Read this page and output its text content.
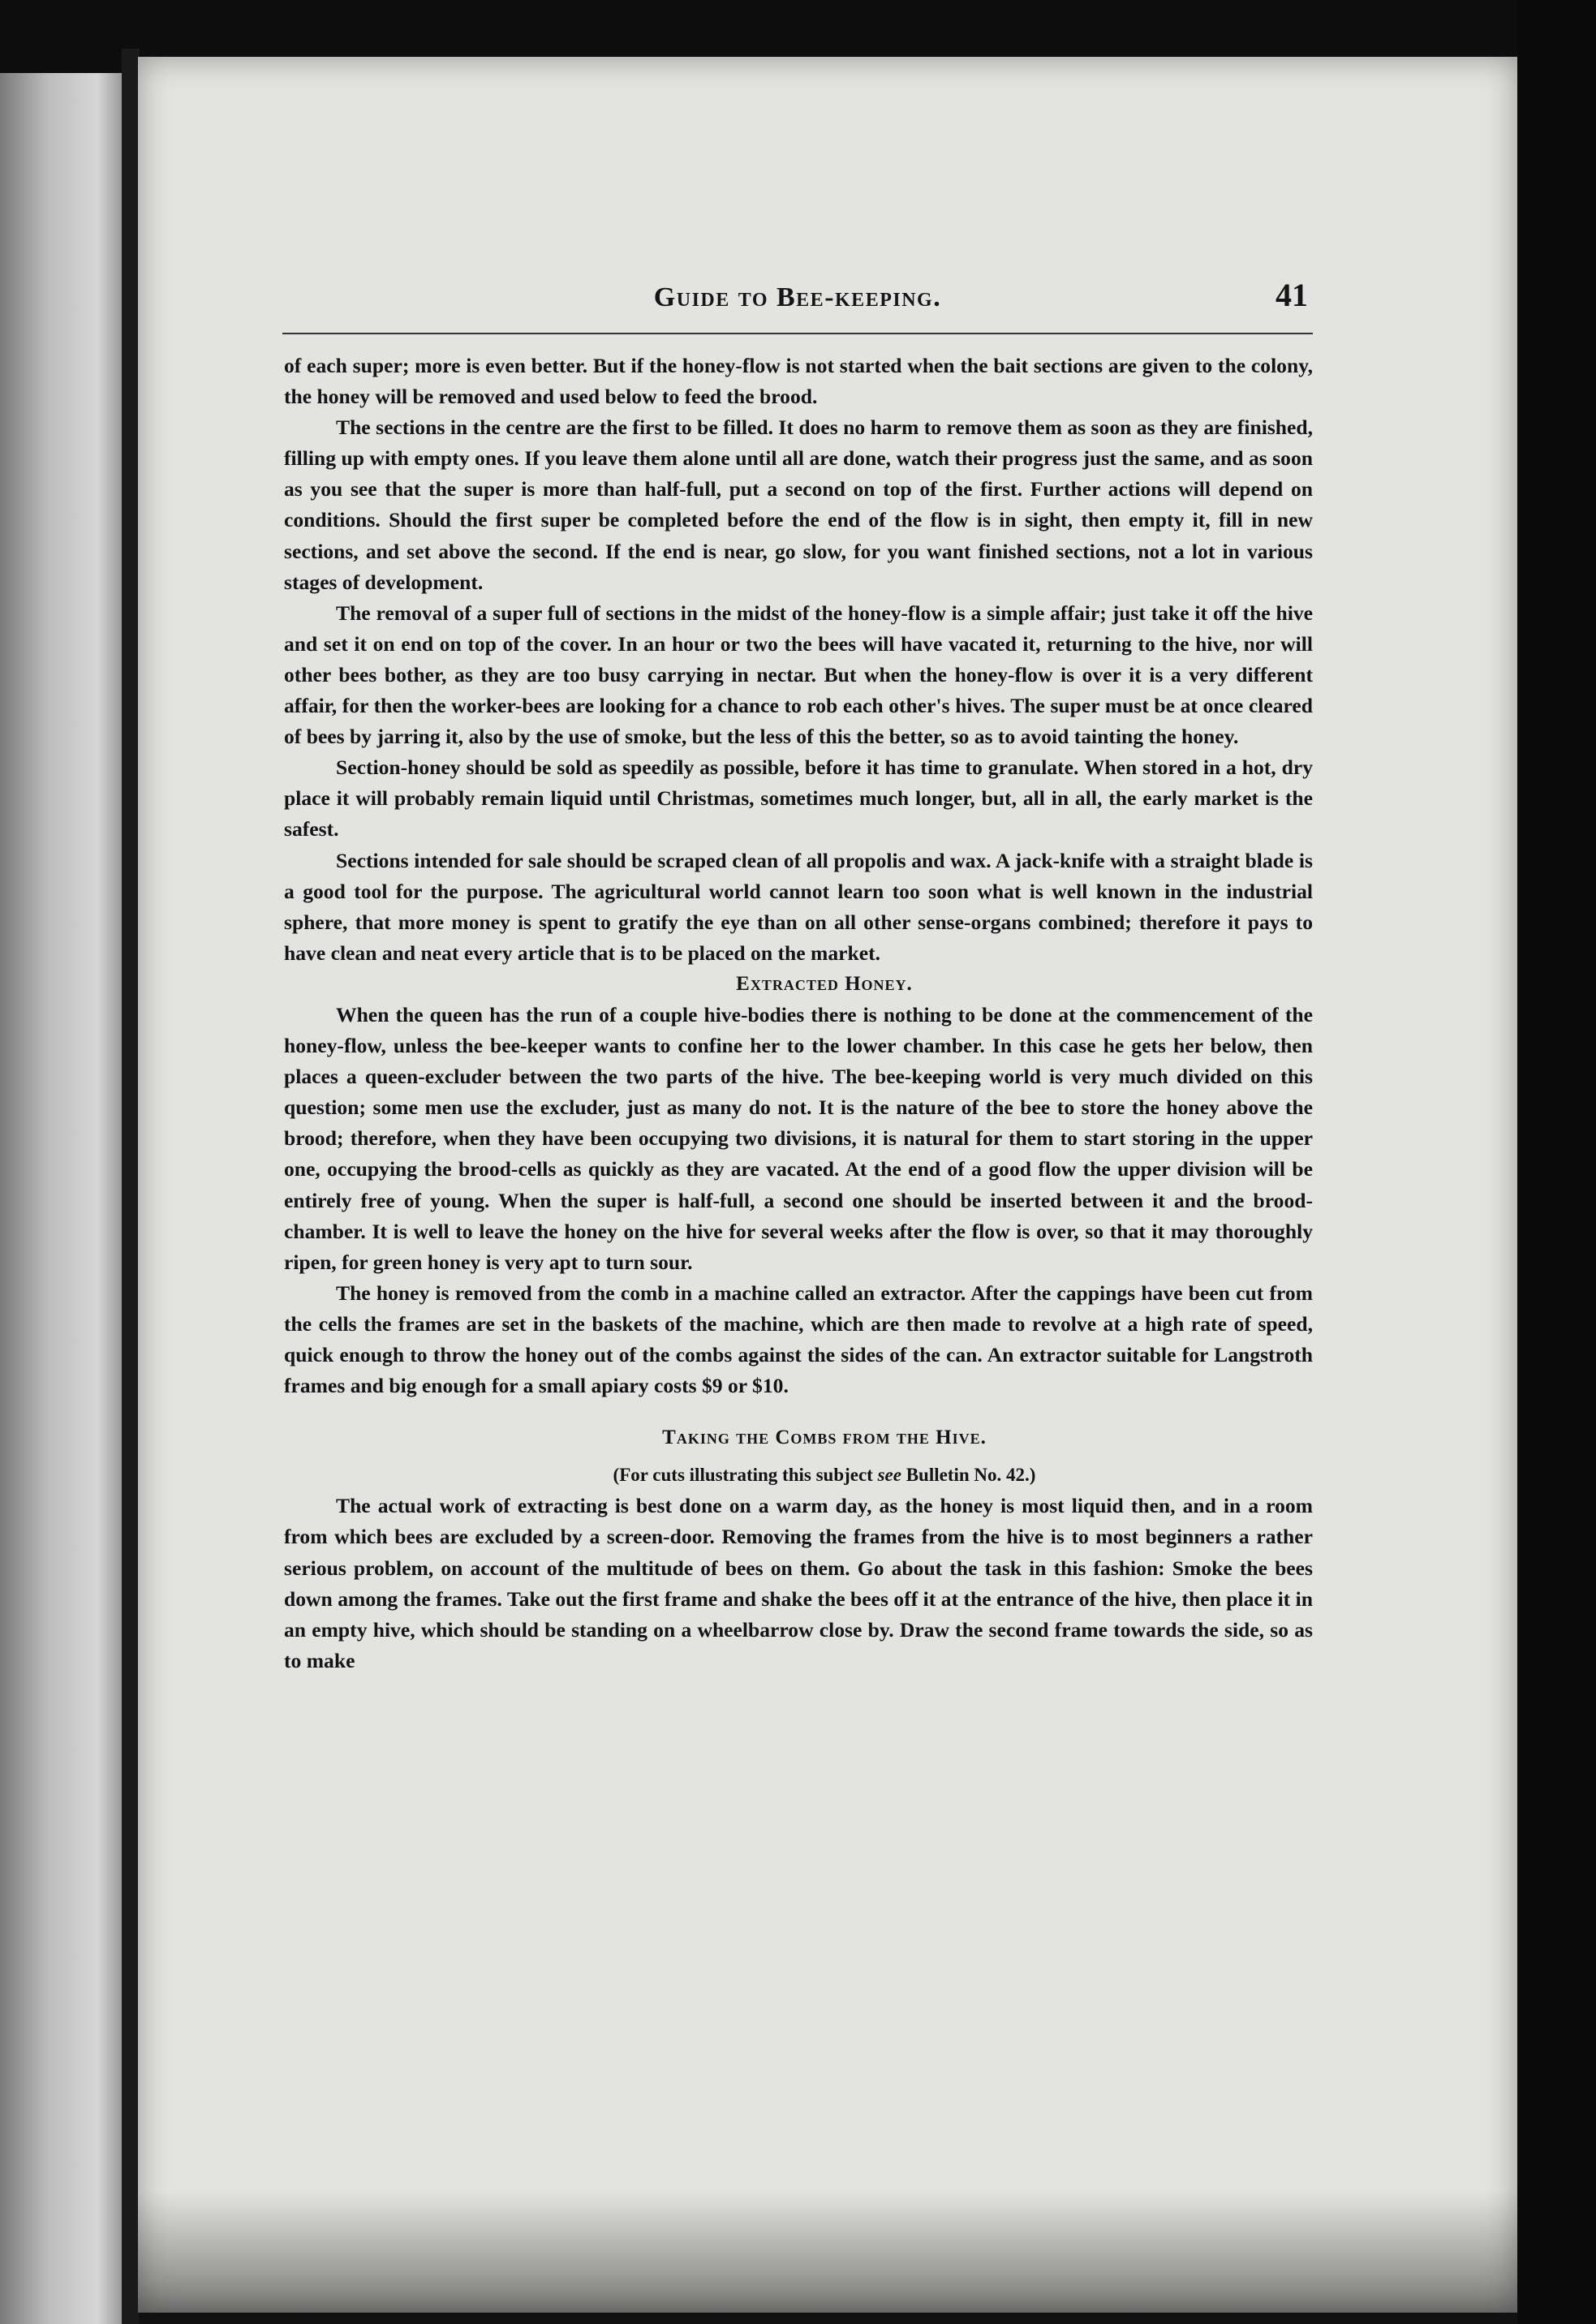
Guide to Bee-keeping.	41

of each super; more is even better. But if the honey-flow is not started when the bait sections are given to the colony, the honey will be removed and used below to feed the brood.

The sections in the centre are the first to be filled. It does no harm to remove them as soon as they are finished, filling up with empty ones. If you leave them alone until all are done, watch their progress just the same, and as soon as you see that the super is more than half-full, put a second on top of the first. Further actions will depend on conditions. Should the first super be completed before the end of the flow is in sight, then empty it, fill in new sections, and set above the second. If the end is near, go slow, for you want finished sections, not a lot in various stages of development.

The removal of a super full of sections in the midst of the honey-flow is a simple affair; just take it off the hive and set it on end on top of the cover. In an hour or two the bees will have vacated it, returning to the hive, nor will other bees bother, as they are too busy carrying in nectar. But when the honey-flow is over it is a very different affair, for then the worker-bees are looking for a chance to rob each other's hives. The super must be at once cleared of bees by jarring it, also by the use of smoke, but the less of this the better, so as to avoid tainting the honey.

Section-honey should be sold as speedily as possible, before it has time to granulate. When stored in a hot, dry place it will probably remain liquid until Christmas, sometimes much longer, but, all in all, the early market is the safest.

Sections intended for sale should be scraped clean of all propolis and wax. A jack-knife with a straight blade is a good tool for the purpose. The agricultural world cannot learn too soon what is well known in the industrial sphere, that more money is spent to gratify the eye than on all other sense-organs combined; therefore it pays to have clean and neat every article that is to be placed on the market.

Extracted Honey.

When the queen has the run of a couple hive-bodies there is nothing to be done at the commencement of the honey-flow, unless the bee-keeper wants to confine her to the lower chamber. In this case he gets her below, then places a queen-excluder between the two parts of the hive. The bee-keeping world is very much divided on this question; some men use the excluder, just as many do not. It is the nature of the bee to store the honey above the brood; therefore, when they have been occupying two divisions, it is natural for them to start storing in the upper one, occupying the brood-cells as quickly as they are vacated. At the end of a good flow the upper division will be entirely free of young. When the super is half-full, a second one should be inserted between it and the brood-chamber. It is well to leave the honey on the hive for several weeks after the flow is over, so that it may thoroughly ripen, for green honey is very apt to turn sour.

The honey is removed from the comb in a machine called an extractor. After the cappings have been cut from the cells the frames are set in the baskets of the machine, which are then made to revolve at a high rate of speed, quick enough to throw the honey out of the combs against the sides of the can. An extractor suitable for Langstroth frames and big enough for a small apiary costs $9 or $10.

Taking the Combs from the Hive.

(For cuts illustrating this subject see Bulletin No. 42.)

The actual work of extracting is best done on a warm day, as the honey is most liquid then, and in a room from which bees are excluded by a screen-door. Removing the frames from the hive is to most beginners a rather serious problem, on account of the multitude of bees on them. Go about the task in this fashion: Smoke the bees down among the frames. Take out the first frame and shake the bees off it at the entrance of the hive, then place it in an empty hive, which should be standing on a wheelbarrow close by. Draw the second frame towards the side, so as to make
